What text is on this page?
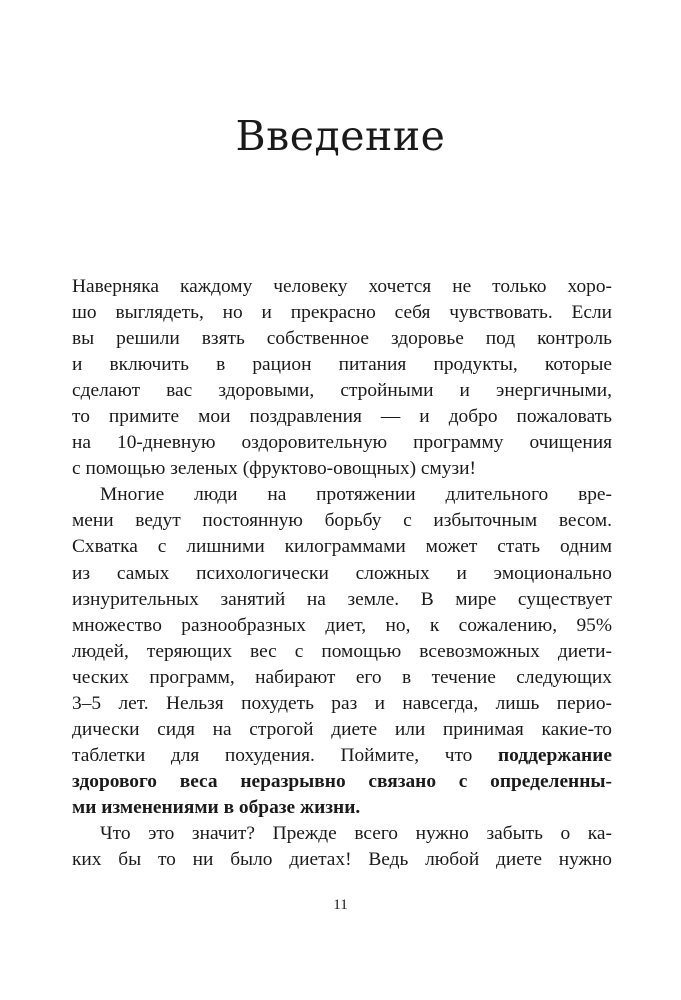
Введение
Наверняка каждому человеку хочется не только хоро-
шо выглядеть, но и прекрасно себя чувствовать. Если
вы решили взять собственное здоровье под контроль
и включить в рацион питания продукты, которые
сделают вас здоровыми, стройными и энергичными,
то примите мои поздравления — и добро пожаловать
на 10-дневную оздоровительную программу очищения
с помощью зеленых (фруктово-овощных) смузи!
Многие люди на протяжении длительного вре-
мени ведут постоянную борьбу с избыточным весом.
Схватка с лишними килограммами может стать одним
из самых психологически сложных и эмоционально
изнурительных занятий на земле. В мире существует
множество разнообразных диет, но, к сожалению, 95%
людей, теряющих вес с помощью всевозможных диети-
ческих программ, набирают его в течение следующих
3–5 лет. Нельзя похудеть раз и навсегда, лишь перио-
дически сидя на строгой диете или принимая какие-то
таблетки для похудения. Поймите, что поддержание
здорового веса неразрывно связано с определенны-
ми изменениями в образе жизни.
Что это значит? Прежде всего нужно забыть о ка-
ких бы то ни было диетах! Ведь любой диете нужно
11
